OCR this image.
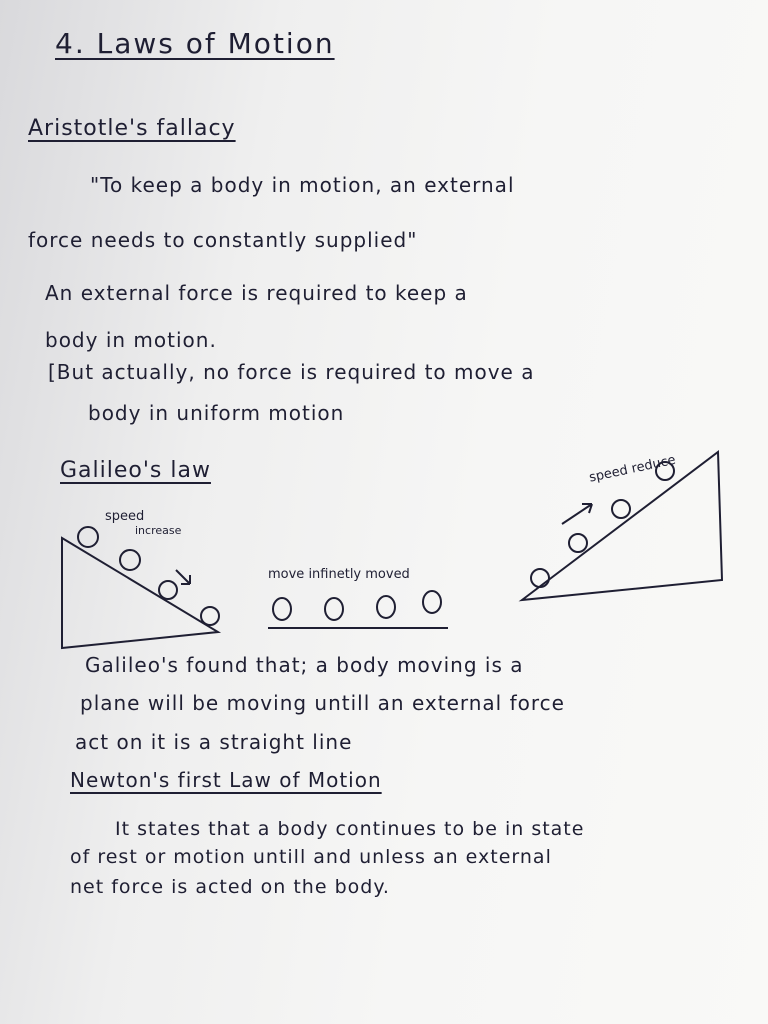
4. Laws of Motion
Aristotle's fallacy
"To keep a body in motion, an external
force needs to constantly supplied"
An external force is required to keep a
body in motion.
[But actually, no force is required to move a
body in uniform motion
Galileo's law
speed
increase
move infinetly moved
speed reduce
Galileo's found that; a body moving is a
plane will be moving untill an external force
act on it is a straight line
Newton's first Law of Motion
It states that a body continues to be in state
of rest or motion untill and unless an external
net force is acted on the body.
